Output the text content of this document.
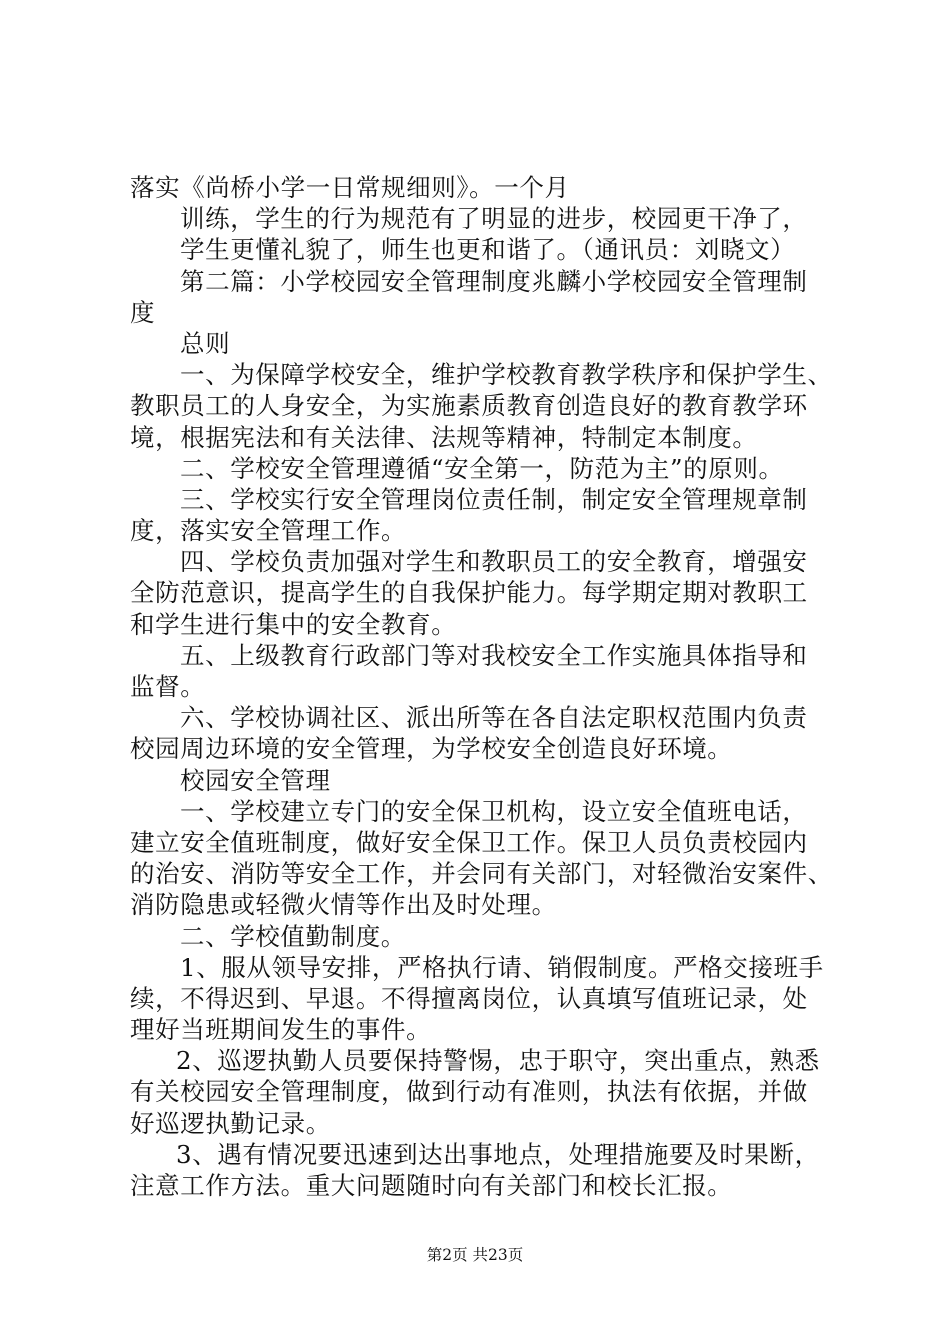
落实《尚桥小学一日常规细则》。一个月
训练，学生的行为规范有了明显的进步，校园更干净了，
学生更懂礼貌了，师生也更和谐了。（通讯员：刘晓文）
第二篇：小学校园安全管理制度兆麟小学校园安全管理制
度
总则
一、为保障学校安全，维护学校教育教学秩序和保护学生、
教职员工的人身安全，为实施素质教育创造良好的教育教学环
境，根据宪法和有关法律、法规等精神，特制定本制度。
二、学校安全管理遵循“安全第一，防范为主”的原则。
三、学校实行安全管理岗位责任制，制定安全管理规章制
度，落实安全管理工作。
四、学校负责加强对学生和教职员工的安全教育，增强安
全防范意识，提高学生的自我保护能力。每学期定期对教职工
和学生进行集中的安全教育。
五、上级教育行政部门等对我校安全工作实施具体指导和
监督。
六、学校协调社区、派出所等在各自法定职权范围内负责
校园周边环境的安全管理，为学校安全创造良好环境。
校园安全管理
一、学校建立专门的安全保卫机构，设立安全值班电话，
建立安全值班制度，做好安全保卫工作。保卫人员负责校园内
的治安、消防等安全工作，并会同有关部门，对轻微治安案件、
消防隐患或轻微火情等作出及时处理。
二、学校值勤制度。
1、服从领导安排，严格执行请、销假制度。严格交接班手
续，不得迟到、早退。不得擅离岗位，认真填写值班记录，处
理好当班期间发生的事件。
2、巡逻执勤人员要保持警惕，忠于职守，突出重点，熟悉
有关校园安全管理制度，做到行动有准则，执法有依据，并做
好巡逻执勤记录。
3、遇有情况要迅速到达出事地点，处理措施要及时果断，
注意工作方法。重大问题随时向有关部门和校长汇报。
第2页 共23页
